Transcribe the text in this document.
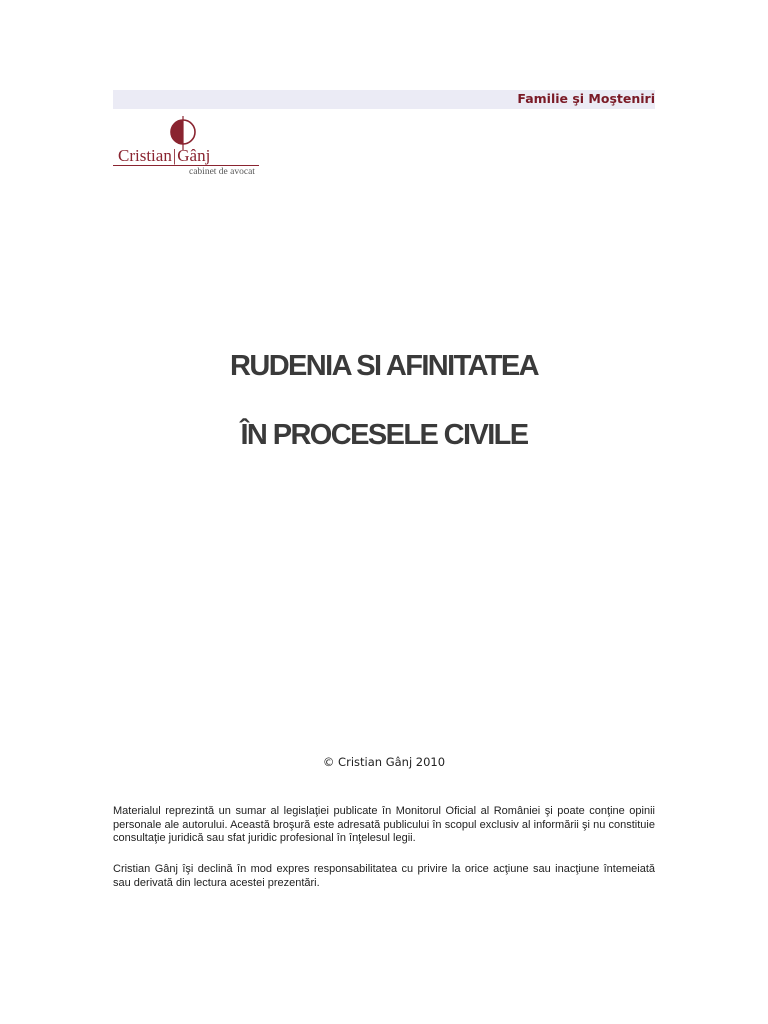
Familie şi Moşteniri
Cristian|Gânj
cabinet de avocat
RUDENIA SI AFINITATEA
ÎN PROCESELE CIVILE
© Cristian Gânj 2010

Materialul reprezintă un sumar al legislaţiei publicate în Monitorul Oficial al României şi poate conţine opinii personale ale autorului. Această broşură este adresată publicului în scopul exclusiv al informării şi nu constituie consultaţie juridică sau sfat juridic profesional în înţelesul legii.

Cristian Gânj îşi declină în mod expres responsabilitatea cu privire la orice acţiune sau inacţiune întemeiată sau derivată din lectura acestei prezentări.
